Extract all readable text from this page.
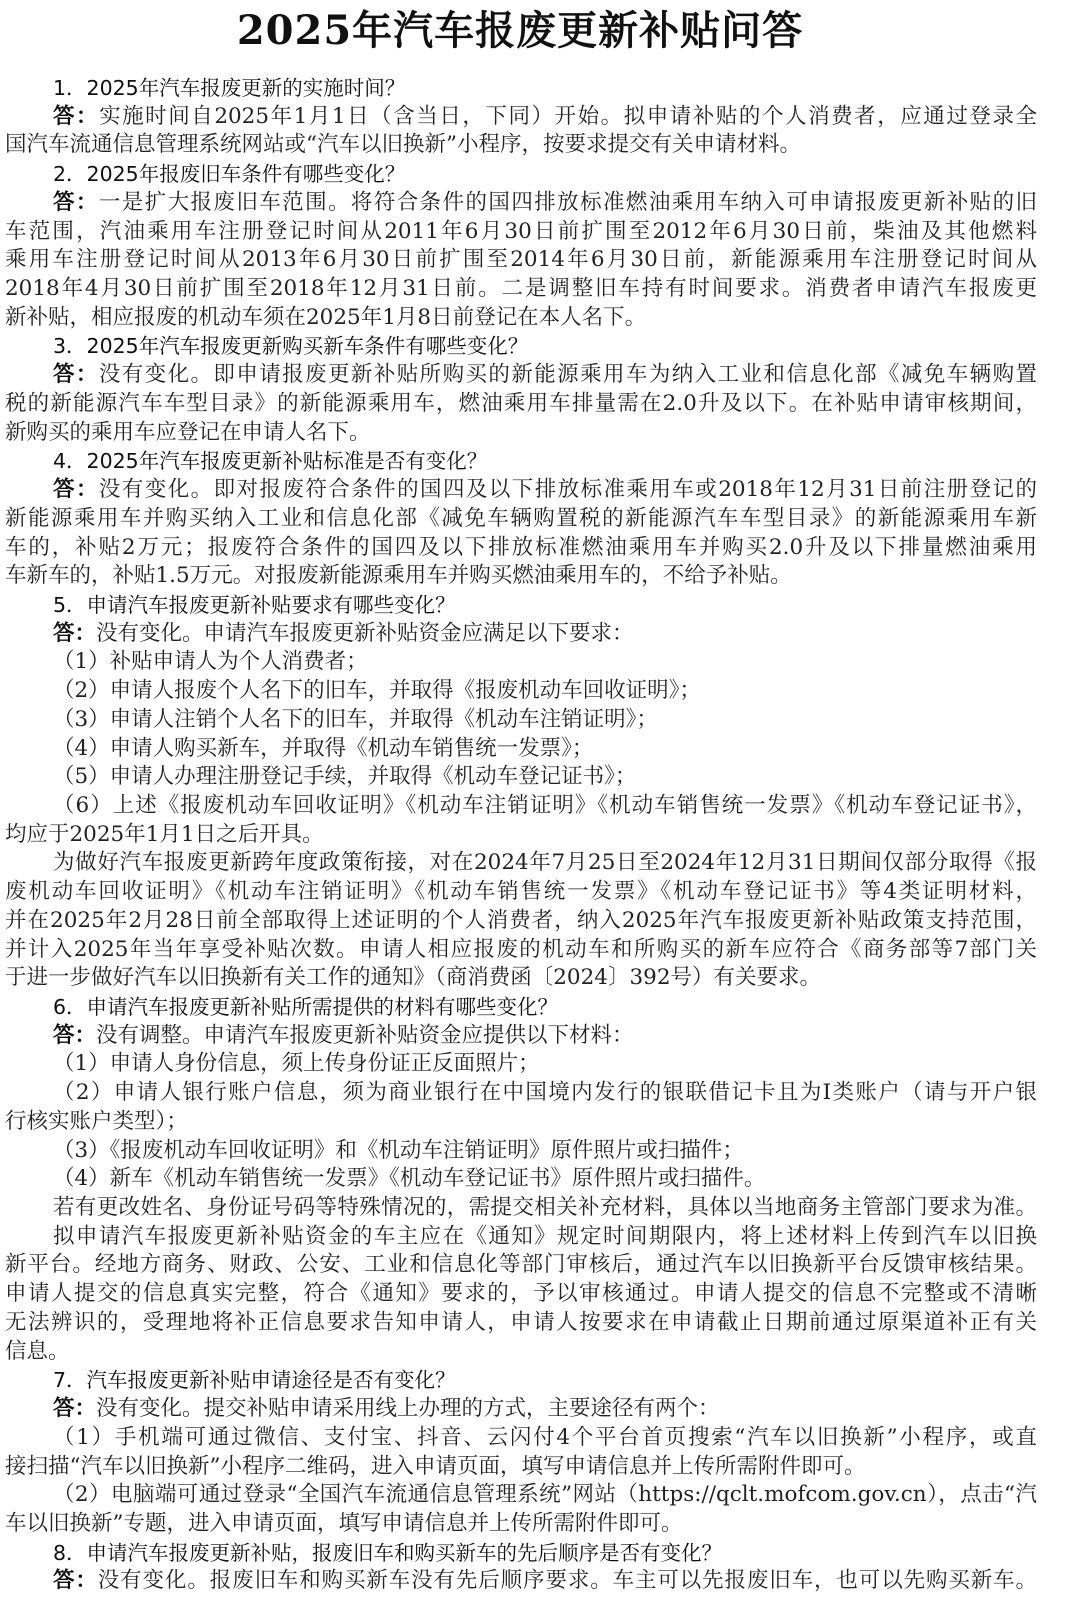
2025年汽车报废更新补贴问答
1．2025年汽车报废更新的实施时间？
答：实施时间自2025年1月1日（含当日，下同）开始。拟申请补贴的个人消费者，应通过登录全
国汽车流通信息管理系统网站或“汽车以旧换新”小程序，按要求提交有关申请材料。
2．2025年报废旧车条件有哪些变化？
答：一是扩大报废旧车范围。将符合条件的国四排放标准燃油乘用车纳入可申请报废更新补贴的旧
车范围，汽油乘用车注册登记时间从2011年6月30日前扩围至2012年6月30日前，柴油及其他燃料
乘用车注册登记时间从2013年6月30日前扩围至2014年6月30日前，新能源乘用车注册登记时间从
2018年4月30日前扩围至2018年12月31日前。二是调整旧车持有时间要求。消费者申请汽车报废更
新补贴，相应报废的机动车须在2025年1月8日前登记在本人名下。
3．2025年汽车报废更新购买新车条件有哪些变化？
答：没有变化。即申请报废更新补贴所购买的新能源乘用车为纳入工业和信息化部《减免车辆购置
税的新能源汽车车型目录》的新能源乘用车，燃油乘用车排量需在2.0升及以下。在补贴申请审核期间，
新购买的乘用车应登记在申请人名下。
4．2025年汽车报废更新补贴标准是否有变化？
答：没有变化。即对报废符合条件的国四及以下排放标准乘用车或2018年12月31日前注册登记的
新能源乘用车并购买纳入工业和信息化部《减免车辆购置税的新能源汽车车型目录》的新能源乘用车新
车的，补贴2万元；报废符合条件的国四及以下排放标准燃油乘用车并购买2.0升及以下排量燃油乘用
车新车的，补贴1.5万元。对报废新能源乘用车并购买燃油乘用车的，不给予补贴。
5．申请汽车报废更新补贴要求有哪些变化？
答：没有变化。申请汽车报废更新补贴资金应满足以下要求：
（1）补贴申请人为个人消费者；
（2）申请人报废个人名下的旧车，并取得《报废机动车回收证明》；
（3）申请人注销个人名下的旧车，并取得《机动车注销证明》；
（4）申请人购买新车，并取得《机动车销售统一发票》；
（5）申请人办理注册登记手续，并取得《机动车登记证书》；
（6）上述《报废机动车回收证明》《机动车注销证明》《机动车销售统一发票》《机动车登记证书》，
均应于2025年1月1日之后开具。
为做好汽车报废更新跨年度政策衔接，对在2024年7月25日至2024年12月31日期间仅部分取得《报
废机动车回收证明》《机动车注销证明》《机动车销售统一发票》《机动车登记证书》等4类证明材料，
并在2025年2月28日前全部取得上述证明的个人消费者，纳入2025年汽车报废更新补贴政策支持范围，
并计入2025年当年享受补贴次数。申请人相应报废的机动车和所购买的新车应符合《商务部等7部门关
于进一步做好汽车以旧换新有关工作的通知》（商消费函〔2024〕392号）有关要求。
6．申请汽车报废更新补贴所需提供的材料有哪些变化？
答：没有调整。申请汽车报废更新补贴资金应提供以下材料：
（1）申请人身份信息，须上传身份证正反面照片；
（2）申请人银行账户信息，须为商业银行在中国境内发行的银联借记卡且为I类账户（请与开户银
行核实账户类型）；
（3）《报废机动车回收证明》和《机动车注销证明》原件照片或扫描件；
（4）新车《机动车销售统一发票》《机动车登记证书》原件照片或扫描件。
若有更改姓名、身份证号码等特殊情况的，需提交相关补充材料，具体以当地商务主管部门要求为准。
拟申请汽车报废更新补贴资金的车主应在《通知》规定时间期限内，将上述材料上传到汽车以旧换
新平台。经地方商务、财政、公安、工业和信息化等部门审核后，通过汽车以旧换新平台反馈审核结果。
申请人提交的信息真实完整，符合《通知》要求的，予以审核通过。申请人提交的信息不完整或不清晰
无法辨识的，受理地将补正信息要求告知申请人，申请人按要求在申请截止日期前通过原渠道补正有关
信息。
7．汽车报废更新补贴申请途径是否有变化？
答：没有变化。提交补贴申请采用线上办理的方式，主要途径有两个：
（1）手机端可通过微信、支付宝、抖音、云闪付4个平台首页搜索“汽车以旧换新”小程序，或直
接扫描“汽车以旧换新”小程序二维码，进入申请页面，填写申请信息并上传所需附件即可。
（2）电脑端可通过登录“全国汽车流通信息管理系统”网站（https://qclt.mofcom.gov.cn），点击“汽
车以旧换新”专题，进入申请页面，填写申请信息并上传所需附件即可。
8．申请汽车报废更新补贴，报废旧车和购买新车的先后顺序是否有变化？
答：没有变化。报废旧车和购买新车没有先后顺序要求。车主可以先报废旧车，也可以先购买新车。
